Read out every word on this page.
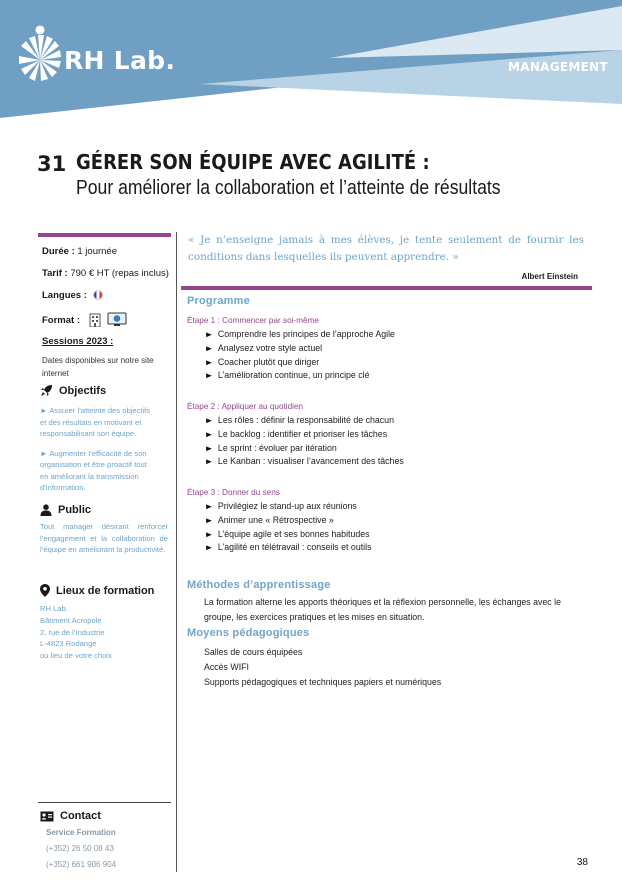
RH Lab.	MANAGEMENT
31 GÉRER SON ÉQUIPE AVEC AGILITÉ :
Pour améliorer la collaboration et l’atteinte de résultats
Durée : 1 journée
Tarif : 790 € HT (repas inclus)
Langues :
Format :
Sessions 2023 :
Dates disponibles sur notre site
internet
Objectifs
► Assurer l’atteinte des objectifs
et des résultats en motivant et
responsabilisant son équipe.
► Augmenter l’efficacité de son
organisation et être proactif tout
en améliorant la transmission
d’information.
Public
Tout manager désirant renforcer l’engagement et la collaboration de l’équipe en améliorant la productivité.
Lieux de formation
RH Lab.
Bâtiment Acropole
2, rue de l’Industrie
L-4823 Rodange
ou lieu de votre choix
Contact
Service Formation
(+352) 26 50 08 43
(+352) 661 906 904
« Je n’enseigne jamais à mes élèves, je tente seulement de fournir les conditions dans lesquelles ils peuvent apprendre. »
Albert Einstein
Programme
Étape 1 : Commencer par soi-même
► Comprendre les principes de l’approche Agile
► Analysez votre style actuel
► Coacher plutôt que diriger
► L’amélioration continue, un principe clé
Étape 2 : Appliquer au quotidien
► Les rôles : définir la responsabilité de chacun
► Le backlog : identifier et prioriser les tâches
► Le sprint : évoluer par itération
► Le Kanban : visualiser l’avancement des tâches
Étape 3 : Donner du sens
► Privilégiez le stand-up aux réunions
► Animer une « Rétrospective »
► L’équipe agile et ses bonnes habitudes
► L’agilité en télétravail : conseils et outils
Méthodes d’apprentissage
La formation alterne les apports théoriques et la réflexion personnelle, les échanges avec le groupe, les exercices pratiques et les mises en situation.
Moyens pédagogiques
Salles de cours équipées
Accès WIFI
Supports pédagogiques et techniques papiers et numériques
38
